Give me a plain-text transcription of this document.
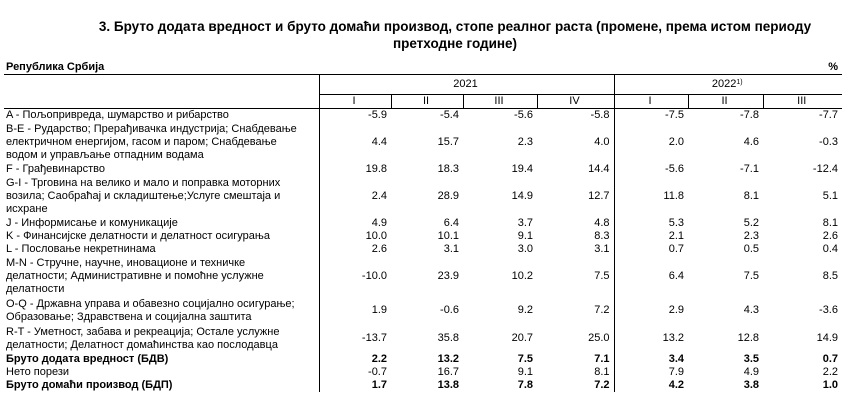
3. Бруто додата вредност и бруто домаћи производ, стопе реалног раста (промене, према истом периоду
претходне године)
Република Србија							%
	2021				2022$^{1)}$
	I	II	III	IV	I	II	III

A - Пољопривреда, шумарство и рибарство	-5.9	-5.4	-5.6	-5.8	-7.5	-7.8	-7.7

B-E - Рударство; Прерађивачка индустрија; Снабдевање
електричном енергијом, гасом и паром; Снабдевање
водом и управљање отпадним водама	4.4	15.7	2.3	4.0	2.0	4.6	-0.3

F - Грађевинарство	19.8	18.3	19.4	14.4	-5.6	-7.1	-12.4

G-I - Трговина на велико и мало и поправка моторних
возила; Саобраћај и складиштење;Услуге смештаја и
исхране	2.4	28.9	14.9	12.7	11.8	8.1	5.1

J - Информисање и комуникације	4.9	6.4	3.7	4.8	5.3	5.2	8.1

K - Финансијске делатности и делатност осигурања	10.0	10.1	9.1	8.3	2.1	2.3	2.6

L - Пословање некретнинама	2.6	3.1	3.0	3.1	0.7	0.5	0.4

M-N - Стручне, научне, иновационе и техничке
делатности; Административне и помоћне услужне
делатности	-10.0	23.9	10.2	7.5	6.4	7.5	8.5

O-Q - Државна управа и обавезно социјално осигурање;
Образовање; Здравствена и социјална заштита	1.9	-0.6	9.2	7.2	2.9	4.3	-3.6

R-T - Уметност, забава и рекреација; Остале услужне
делатности; Делатност домаћинства као послодавца	-13.7	35.8	20.7	25.0	13.2	12.8	14.9

Бруто додата вредност (БДВ)	2.2	13.2	7.5	7.1	3.4	3.5	0.7

Нето порези	-0.7	16.7	9.1	8.1	7.9	4.9	2.2

Бруто домаћи производ (БДП)	1.7	13.8	7.8	7.2	4.2	3.8	1.0
